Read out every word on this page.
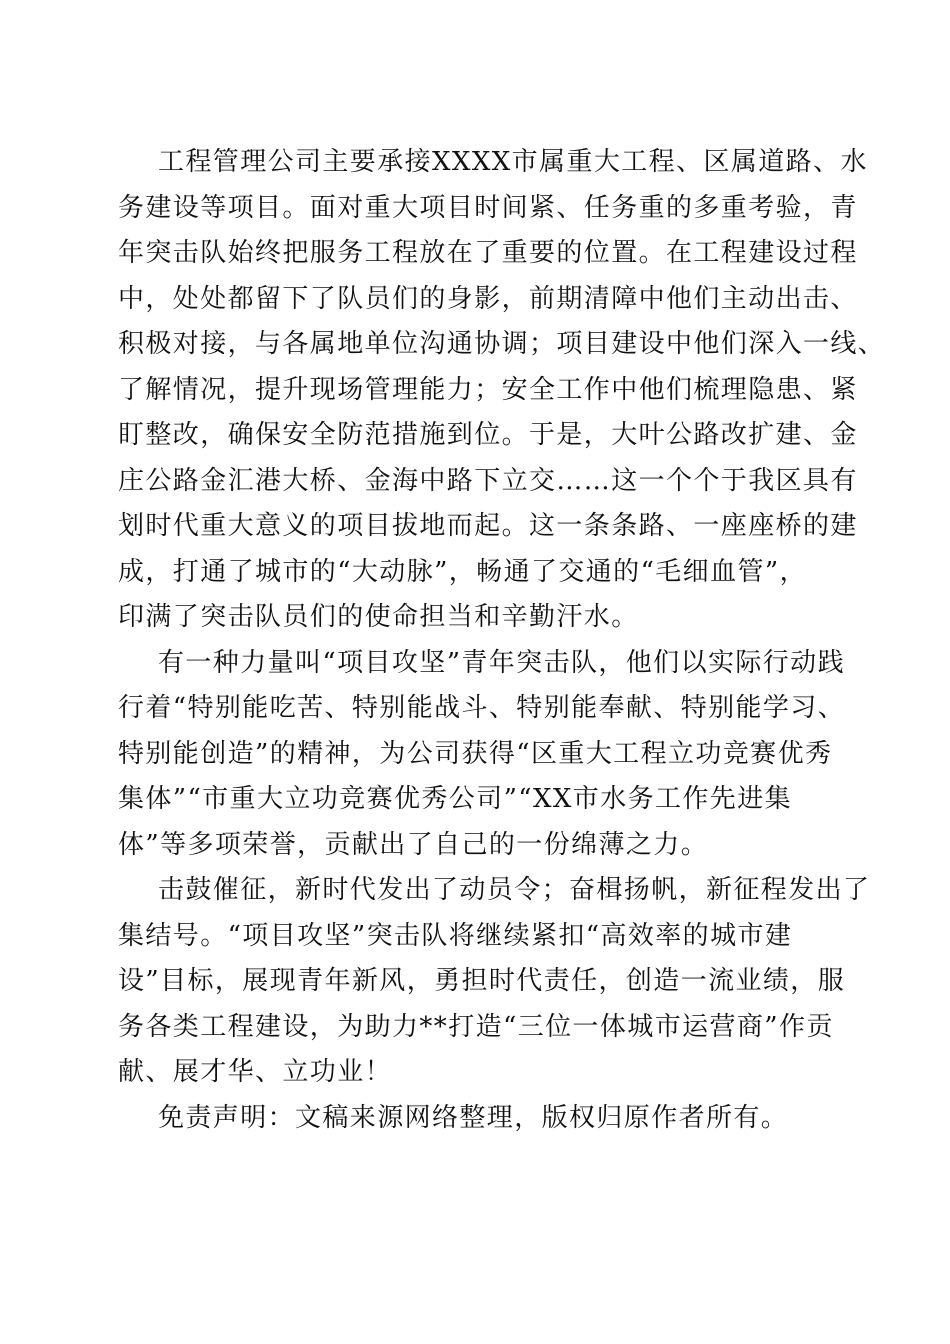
工程管理公司主要承接XXXX市属重大工程、区属道路、水
务建设等项目。面对重大项目时间紧、任务重的多重考验，青
年突击队始终把服务工程放在了重要的位置。在工程建设过程
中，处处都留下了队员们的身影，前期清障中他们主动出击、
积极对接，与各属地单位沟通协调；项目建设中他们深入一线、
了解情况，提升现场管理能力；安全工作中他们梳理隐患、紧
盯整改，确保安全防范措施到位。于是，大叶公路改扩建、金
庄公路金汇港大桥、金海中路下立交……这一个个于我区具有
划时代重大意义的项目拔地而起。这一条条路、一座座桥的建
成，打通了城市的“大动脉”，畅通了交通的“毛细血管”，
印满了突击队员们的使命担当和辛勤汗水。
有一种力量叫“项目攻坚”青年突击队，他们以实际行动践
行着“特别能吃苦、特别能战斗、特别能奉献、特别能学习、
特别能创造”的精神，为公司获得“区重大工程立功竞赛优秀
集体”“市重大立功竞赛优秀公司”“XX市水务工作先进集
体”等多项荣誉，贡献出了自己的一份绵薄之力。
击鼓催征，新时代发出了动员令；奋楫扬帆，新征程发出了
集结号。“项目攻坚”突击队将继续紧扣“高效率的城市建
设”目标，展现青年新风，勇担时代责任，创造一流业绩，服
务各类工程建设，为助力**打造“三位一体城市运营商”作贡
献、展才华、立功业！
免责声明：文稿来源网络整理，版权归原作者所有。
